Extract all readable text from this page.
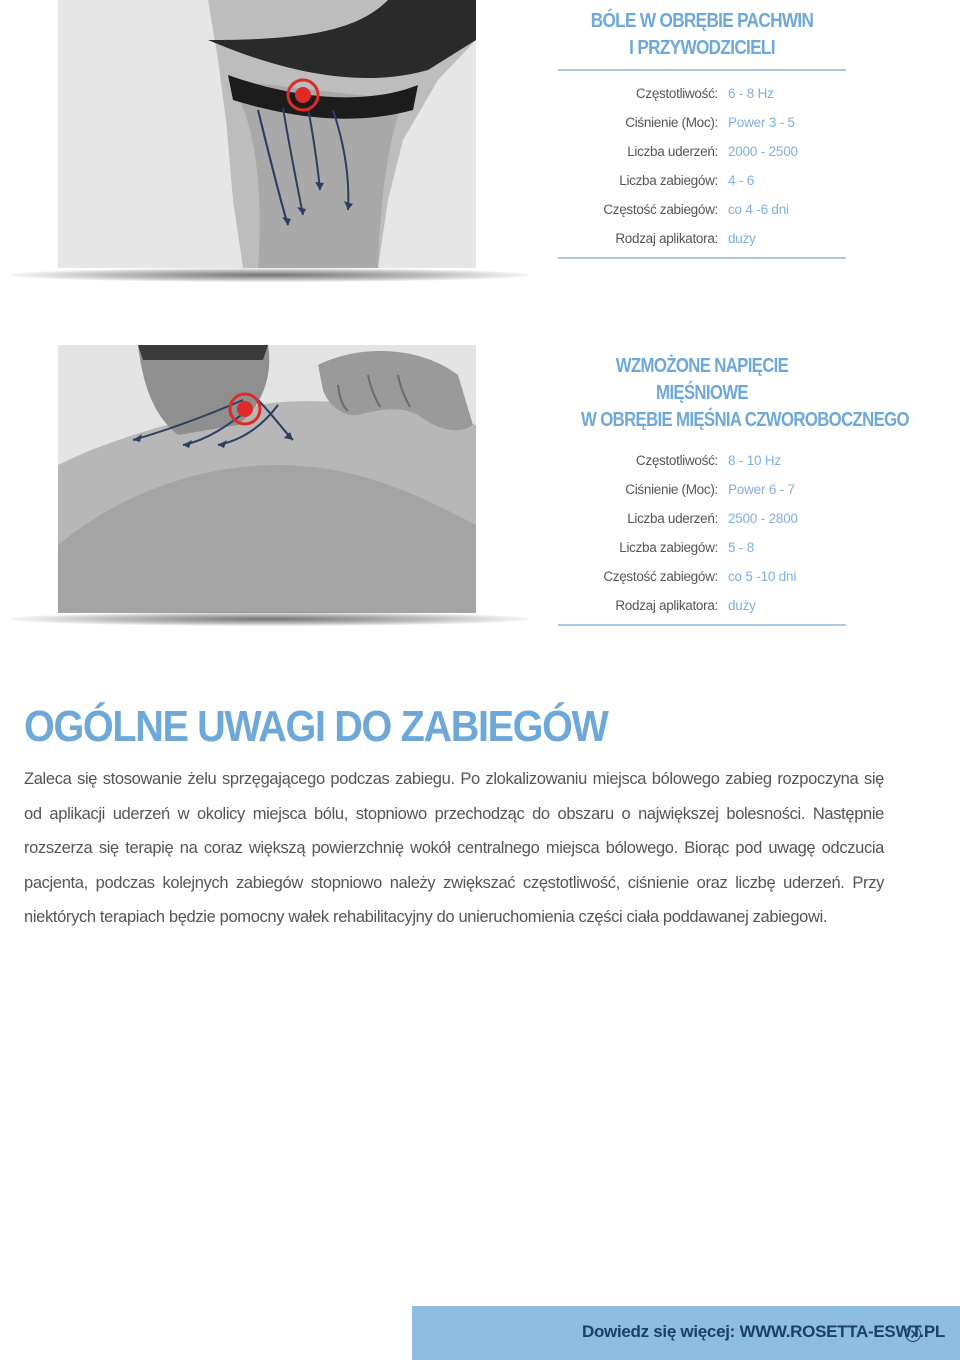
BÓLE W OBRĘBIE PACHWIN
I PRZYWODZICIELI
Częstotliwość: 6 - 8 Hz
Ciśnienie (Moc): Power 3 - 5
Liczba uderzeń: 2000 - 2500
Liczba zabiegów: 4 - 6
Częstość zabiegów: co 4 -6 dni
Rodzaj aplikatora: duży
WZMOŻONE NAPIĘCIE MIĘŚNIOWE
W OBRĘBIE MIĘŚNIA CZWOROBOCZNEGO
Częstotliwość: 8 - 10 Hz
Ciśnienie (Moc): Power 6 - 7
Liczba uderzeń: 2500 - 2800
Liczba zabiegów: 5 - 8
Częstość zabiegów: co 5 -10 dni
Rodzaj aplikatora: duży
OGÓLNE UWAGI DO ZABIEGÓW
Zaleca się stosowanie żelu sprzęgającego podczas zabiegu. Po zlokalizowaniu miejsca bólowego zabieg rozpoczyna się od aplikacji uderzeń w okolicy miejsca bólu, stopniowo przechodząc do obszaru o największej bolesności. Następnie rozszerza się terapię na coraz większą powierzchnię wokół centralnego miejsca bólowego. Biorąc pod uwagę odczucia pacjenta, podczas kolejnych zabiegów stopniowo należy zwiększać częstotliwość, ciśnienie oraz liczbę uderzeń. Przy niektórych terapiach będzie pomocny wałek rehabilitacyjny do unieruchomienia części ciała poddawanej zabiegowi.
Dowiedz się więcej: WWW.ROSETTA-ESWT.PL
